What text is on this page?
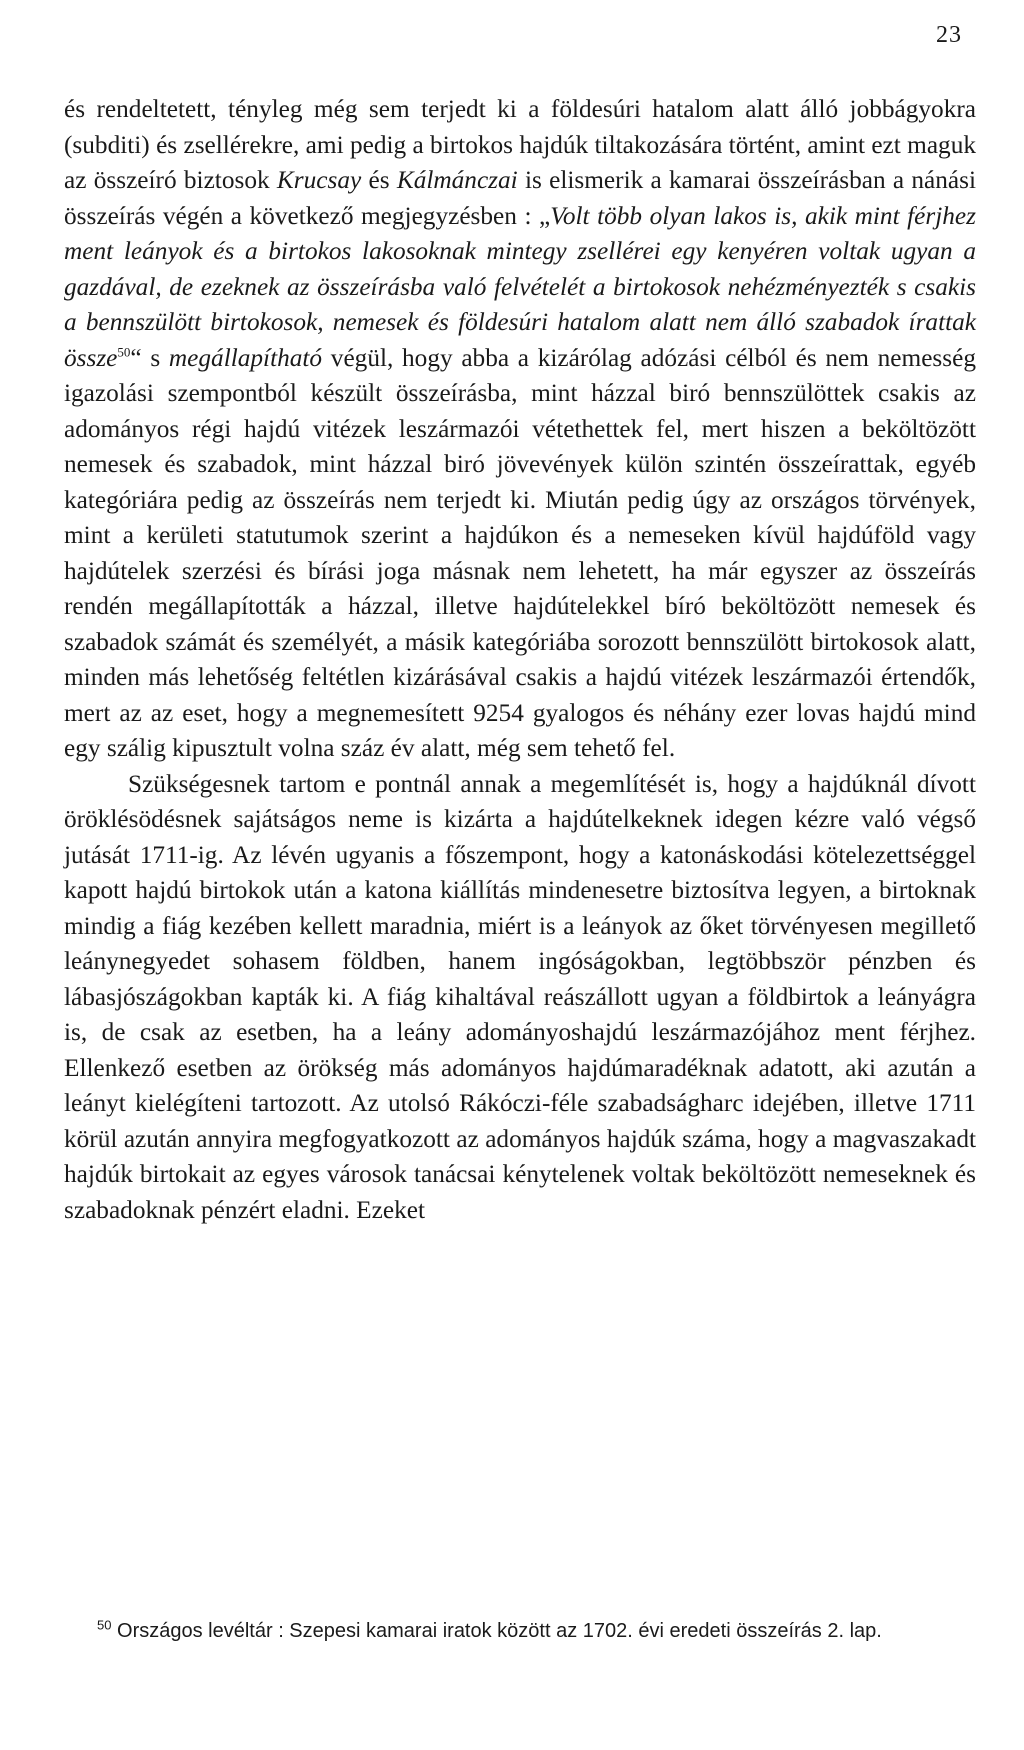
23

és rendeltetett, tényleg még sem terjedt ki a földesúri hatalom alatt álló jobbágyokra (subditi) és zsellérekre, ami pedig a birtokos hajdúk tiltakozására történt, amint ezt maguk az összeíró biztosok Krucsay és Kálmánczai is elismerik a kamarai összeírásban a nánási összeírás végén a következő megjegyzésben : „Volt több olyan lakos is, akik mint férjhez ment leányok és a birtokos lakosoknak mintegy zsellérei egy kenyéren voltak ugyan a gazdával, de ezeknek az összeírásba való felvételét a birtokosok nehézményezték s csakis a bennszülött birtokosok, nemesek és földesúri hatalom alatt nem álló szabadok írattak össze$^{50}$“ s megállapítható végül, hogy abba a kizárólag adózási célból és nem nemesség igazolási szempontból készült összeírásba, mint házzal biró bennszülöttek csakis az adományos régi hajdú vitézek leszármazói vétethettek fel, mert hiszen a beköltözött nemesek és szabadok, mint házzal biró jövevények külön szintén összeírattak, egyéb kategóriára pedig az összeírás nem terjedt ki. Miután pedig úgy az országos törvények, mint a kerületi statutumok szerint a hajdúkon és a nemeseken kívül hajdúföld vagy hajdútelek szerzési és bírási joga másnak nem lehetett, ha már egyszer az összeírás rendén megállapították a házzal, illetve hajdútelekkel bíró beköltözött nemesek és szabadok számát és személyét, a másik kategóriába sorozott bennszülött birtokosok alatt, minden más lehetőség feltétlen kizárásával csakis a hajdú vitézek leszármazói értendők, mert az az eset, hogy a megnemesített 9254 gyalogos és néhány ezer lovas hajdú mind egy szálig kipusztult volna száz év alatt, még sem tehető fel.

Szükségesnek tartom e pontnál annak a megemlítését is, hogy a hajdúknál dívott öröklésödésnek sajátságos neme is kizárta a hajdútelkeknek idegen kézre való végső jutását 1711-ig. Az lévén ugyanis a főszempont, hogy a katonáskodási kötelezettséggel kapott hajdú birtokok után a katona kiállítás mindenesetre biztosítva legyen, a birtoknak mindig a fiág kezében kellett maradnia, miért is a leányok az őket törvényesen megillető leánynegyedet sohasem földben, hanem ingóságokban, legtöbbször pénzben és lábasjószágokban kapták ki. A fiág kihaltával reászállott ugyan a földbirtok a leányágra is, de csak az esetben, ha a leány adományoshajdú leszármazójához ment férjhez. Ellenkező esetben az örökség más adományos hajdúmaradéknak adatott, aki azután a leányt kielégíteni tartozott. Az utolsó Rákóczi-féle szabadságharc idejében, illetve 1711 körül azután annyira megfogyatkozott az adományos hajdúk száma, hogy a magvaszakadt hajdúk birtokait az egyes városok tanácsai kénytelenek voltak beköltözött nemeseknek és szabadoknak pénzért eladni. Ezeket

$^{50}$ Országos levéltár : Szepesi kamarai iratok között az 1702. évi eredeti összeírás 2. lap.
